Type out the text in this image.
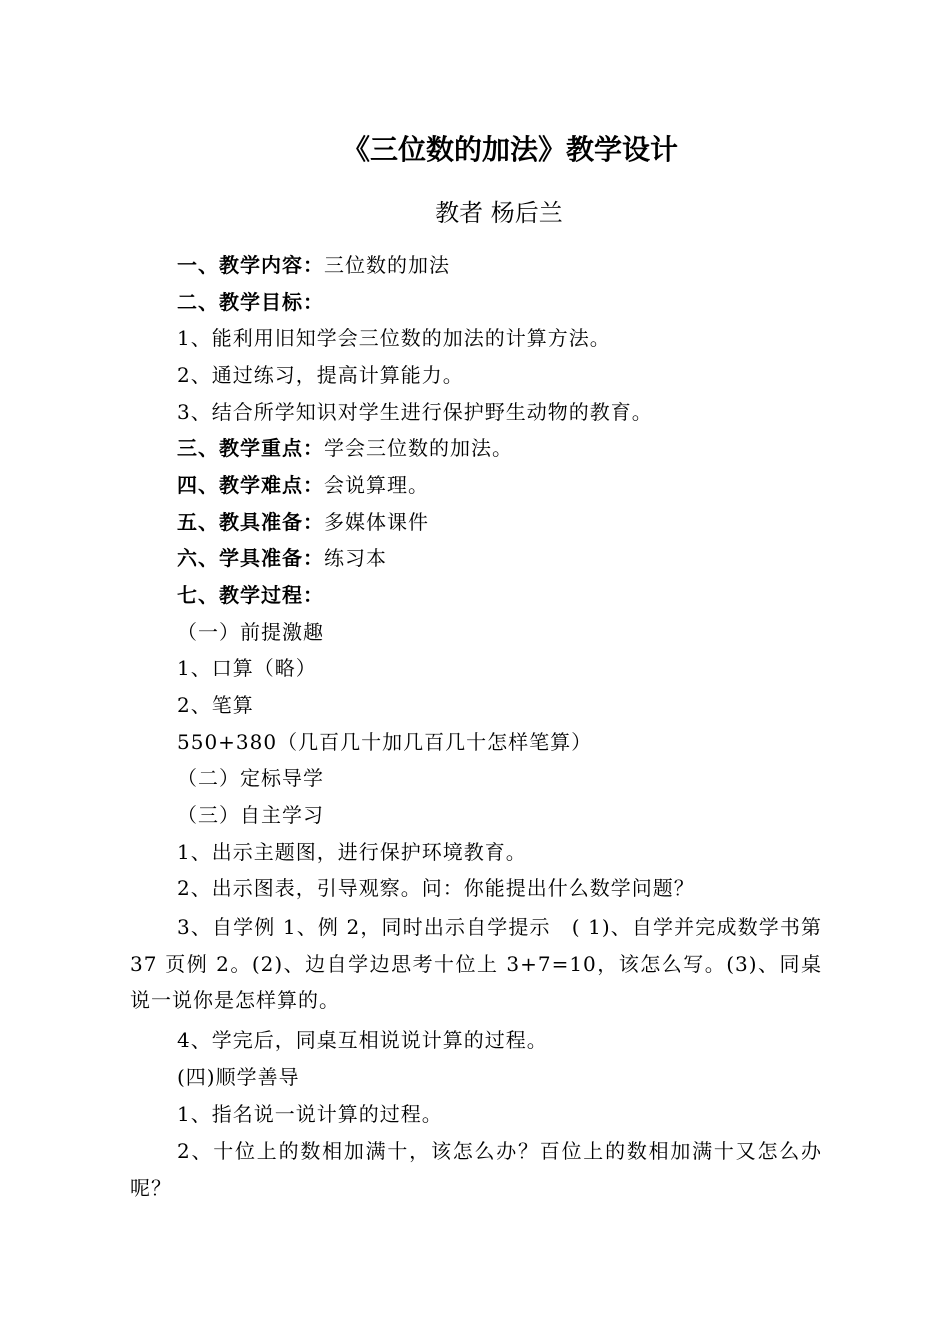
《三位数的加法》教学设计
教者 杨后兰
一、教学内容：三位数的加法
二、教学目标：
1、能利用旧知学会三位数的加法的计算方法。
2、通过练习，提高计算能力。
3、结合所学知识对学生进行保护野生动物的教育。
三、教学重点：学会三位数的加法。
四、教学难点：会说算理。
五、教具准备：多媒体课件
六、学具准备：练习本
七、教学过程：
（一）前提激趣
1、口算（略）
2、笔算
550+380（几百几十加几百几十怎样笔算）
（二）定标导学
（三）自主学习
1、出示主题图，进行保护环境教育。
2、出示图表，引导观察。问：你能提出什么数学问题？
3、自学例 1、例 2，同时出示自学提示　( 1)、自学并完成数学书第 37 页例 2。(2)、边自学边思考十位上 3+7=10，该怎么写。(3)、同桌说一说你是怎样算的。
4、学完后，同桌互相说说计算的过程。
(四)顺学善导
1、指名说一说计算的过程。
2、十位上的数相加满十，该怎么办？百位上的数相加满十又怎么办呢？
